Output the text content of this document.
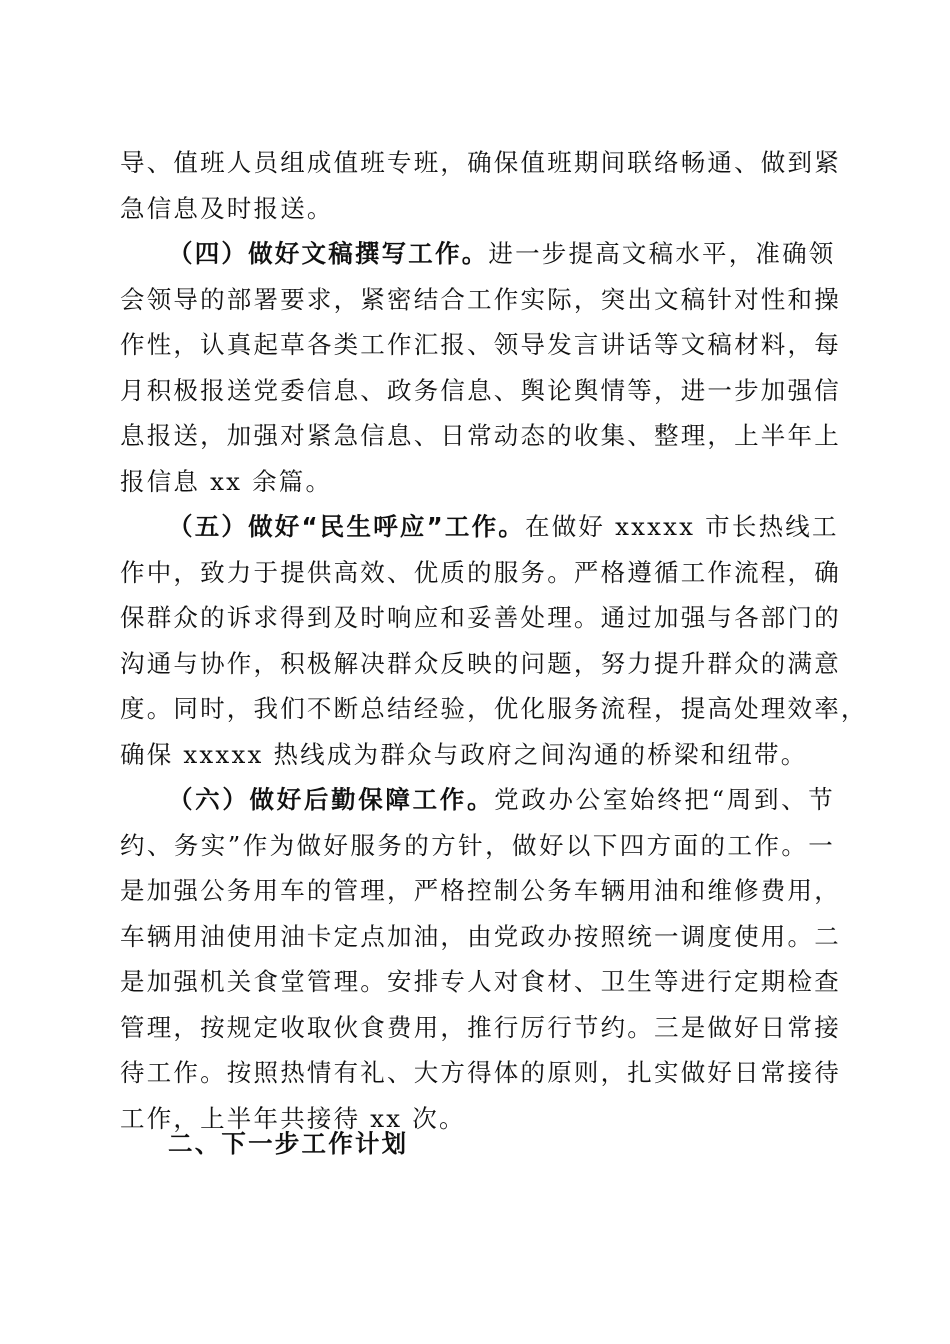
导、值班人员组成值班专班，确保值班期间联络畅通、做到紧
急信息及时报送。
（四）做好文稿撰写工作。进一步提高文稿水平，准确领
会领导的部署要求，紧密结合工作实际，突出文稿针对性和操
作性，认真起草各类工作汇报、领导发言讲话等文稿材料，每
月积极报送党委信息、政务信息、舆论舆情等，进一步加强信
息报送，加强对紧急信息、日常动态的收集、整理，上半年上
报信息 xx 余篇。
（五）做好“民生呼应”工作。在做好 xxxxx 市长热线工
作中，致力于提供高效、优质的服务。严格遵循工作流程，确
保群众的诉求得到及时响应和妥善处理。通过加强与各部门的
沟通与协作，积极解决群众反映的问题，努力提升群众的满意
度。同时，我们不断总结经验，优化服务流程，提高处理效率，
确保 xxxxx 热线成为群众与政府之间沟通的桥梁和纽带。
（六）做好后勤保障工作。党政办公室始终把“周到、节
约、务实”作为做好服务的方针，做好以下四方面的工作。一
是加强公务用车的管理，严格控制公务车辆用油和维修费用，
车辆用油使用油卡定点加油，由党政办按照统一调度使用。二
是加强机关食堂管理。安排专人对食材、卫生等进行定期检查
管理，按规定收取伙食费用，推行厉行节约。三是做好日常接
待工作。按照热情有礼、大方得体的原则，扎实做好日常接待
工作，上半年共接待 xx 次。
二、下一步工作计划
